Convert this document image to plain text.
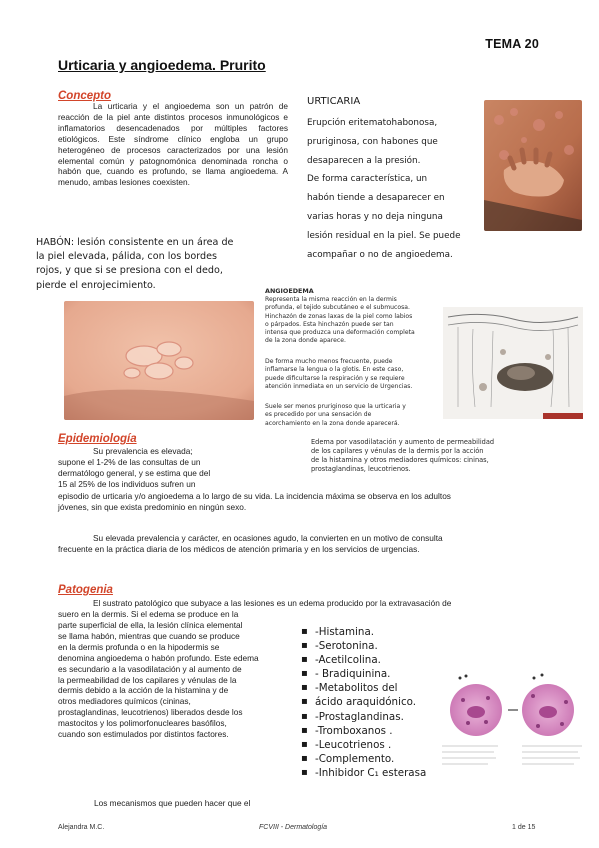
TEMA 20
Urticaria y angioedema. Prurito
Concepto
La urticaria y el angioedema son un patrón de reacción de la piel ante distintos procesos inmunológicos e inflamatorios desencadenados por múltiples factores etiológicos. Este síndrome clínico engloba un grupo heterogéneo de procesos caracterizados por una lesión elemental común y patognomónica denominada roncha o habón que, cuando es profundo, se llama angioedema. A menudo, ambas lesiones coexisten.
URTICARIA
Erupción eritematohabonosa,
pruriginosa, con habones que
desaparecen a la presión.
De forma característica, un
habón tiende a desaparecer en
varias horas y no deja ninguna
lesión residual en la piel. Se puede
acompañar o no de angioedema.
HABÓN: lesión consistente en un área de
la piel elevada, pálida, con los bordes
rojos, y que si se presiona con el dedo,
pierde el enrojecimiento.
ANGIOEDEMA
Representa la misma reacción en la dermis
profunda, el tejido subcutáneo e el submucosa.
Hinchazón de zonas laxas de la piel como labios
o párpados. Esta hinchazón puede ser tan
intensa que produzca una deformación completa
de la zona donde aparece.
De forma mucho menos frecuente, puede
inflamarse la lengua o la glotis. En este caso,
puede dificultarse la respiración y se requiere
atención inmediata en un servicio de Urgencias.
Suele ser menos pruriginoso que la urticaria y
es precedido por una sensación de
acorchamiento en la zona donde aparecerá.
Edema por vasodilatación y aumento de permeabilidad
de los capilares y vénulas de la dermis por la acción
de la histamina y otros mediadores químicos: cininas,
prostaglandinas, leucotrienos.
Epidemiología
Su prevalencia es elevada;
supone el 1-2% de las consultas de un
dermatólogo general, y se estima que del
15 al 25% de los individuos sufren un
episodio de urticaria y/o angioedema a lo largo de su vida. La incidencia máxima se observa en los adultos
jóvenes, sin que exista predominio en ningún sexo.
Su elevada prevalencia y carácter, en ocasiones agudo, la convierten en un motivo de consulta
frecuente en la práctica diaria de los médicos de atención primaria y en los servicios de urgencias.
Patogenia
El sustrato patológico que subyace a las lesiones es un edema producido por la extravasación de
suero en la dermis. Si el edema se produce en la
parte superficial de ella, la lesión clínica elemental
se llama habón, mientras que cuando se produce
en la dermis profunda o en la hipodermis se
denomina angioedema o habón profundo. Este edema
es secundario a la vasodilatación y al aumento de
la permeabilidad de los capilares y vénulas de la
dermis debido a la acción de la histamina y de
otros mediadores químicos (cininas,
prostaglandinas, leucotrienos) liberados desde los
mastocitos y los polimorfonucleares basófilos,
cuando son estimulados por distintos factores.
Los mecanismos que pueden hacer que el
▪ -Histamina.
▪ -Serotonina.
▪ -Acetilcolina.
▪ - Bradiquinina.
▪ -Metabolitos del
▪ ácido araquidónico.
▪ -Prostaglandinas.
▪ -Tromboxanos .
▪ -Leucotrienos .
▪ -Complemento.
▪ -Inhibidor C₁ esterasa
Alejandra M.C.	FCVIII - Dermatología	1 de 15
